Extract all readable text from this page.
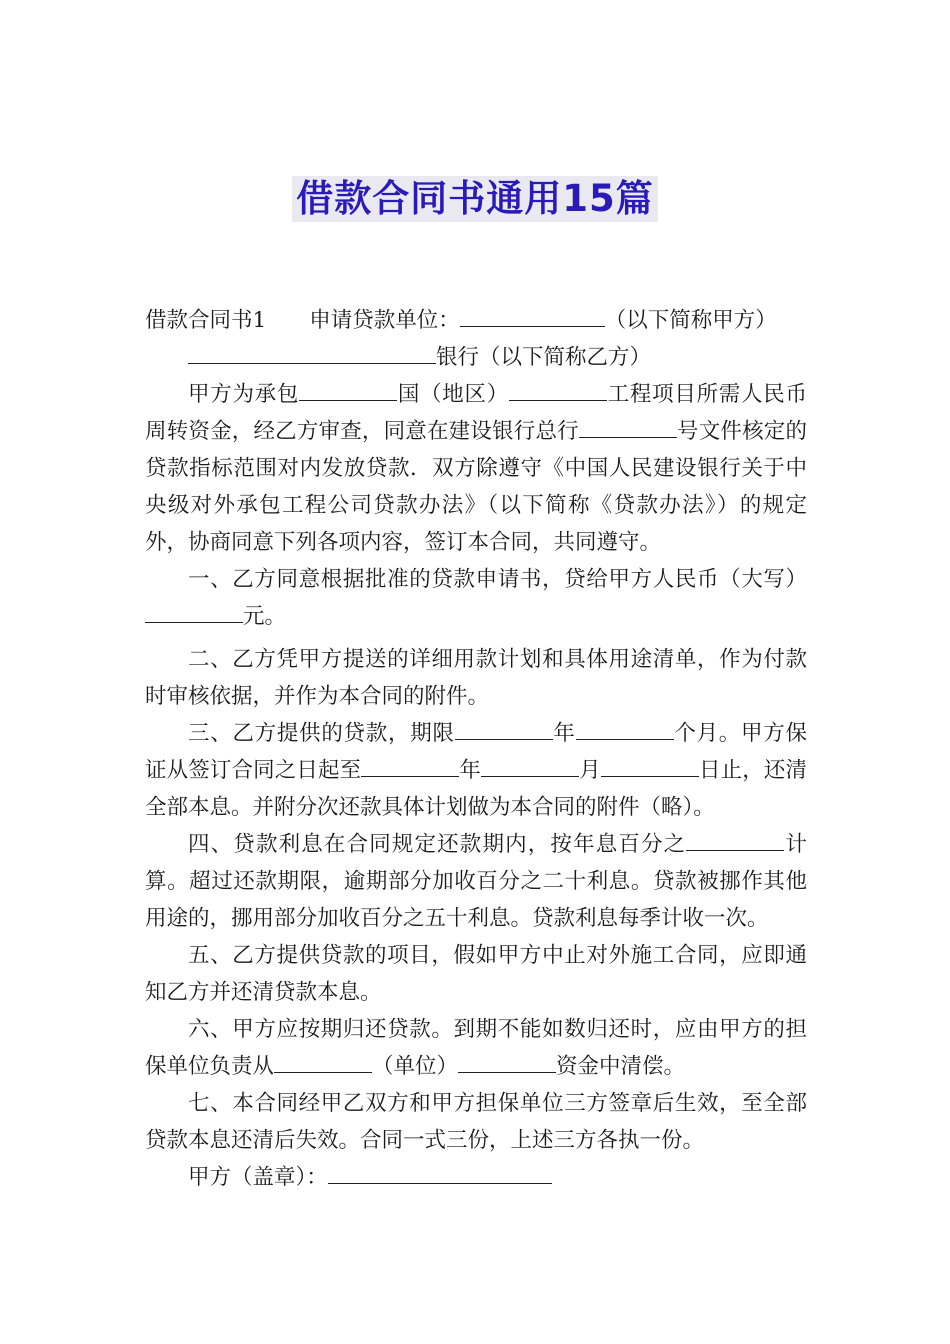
借款合同书通用15篇
借款合同书1   申请贷款单位：	（以下简称甲方）
银行（以下简称乙方）

甲方为承包	国（地区）	工程项目所需人民币周转资金，经乙方审查，同意在建设银行总行	号文件核定的贷款指标范围对内发放贷款．双方除遵守《中国人民建设银行关于中央级对外承包工程公司贷款办法》（以下简称《贷款办法》）的规定外，协商同意下列各项内容，签订本合同，共同遵守。

一、乙方同意根据批准的贷款申请书，贷给甲方人民币（大写）元。

二、乙方凭甲方提送的详细用款计划和具体用途清单，作为付款时审核依据，并作为本合同的附件。

三、乙方提供的贷款，期限	年	个月。甲方保证从签订合同之日起至	年	月	日止，还清全部本息。并附分次还款具体计划做为本合同的附件（略）。

四、贷款利息在合同规定还款期内，按年息百分之	计算。超过还款期限，逾期部分加收百分之二十利息。贷款被挪作其他用途的，挪用部分加收百分之五十利息。贷款利息每季计收一次。

五、乙方提供贷款的项目，假如甲方中止对外施工合同，应即通知乙方并还清贷款本息。

六、甲方应按期归还贷款。到期不能如数归还时，应由甲方的担保单位负责从	（单位）	资金中清偿。

七、本合同经甲乙双方和甲方担保单位三方签章后生效，至全部贷款本息还清后失效。合同一式三份，上述三方各执一份。

甲方（盖章）：
